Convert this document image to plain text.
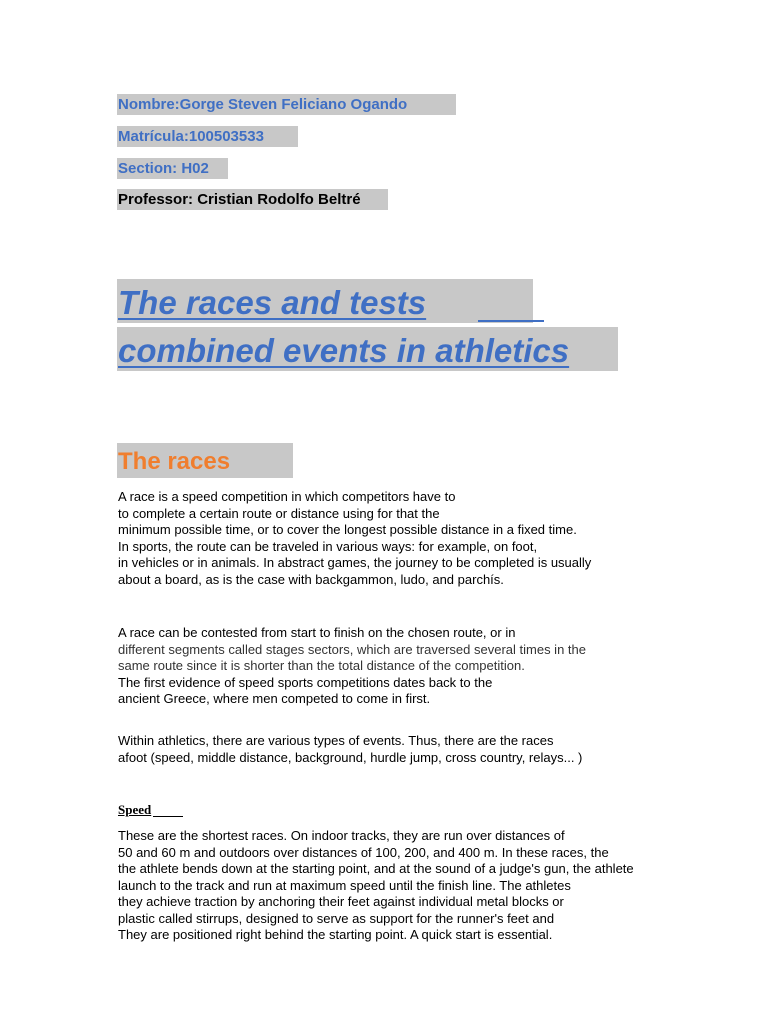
Nombre:Gorge Steven Feliciano Ogando
Matrícula:100503533
Section: H02
Professor: Cristian Rodolfo Beltré
The races and tests
combined events in athletics
The races
A race is a speed competition in which competitors have to
to complete a certain route or distance using for that the
minimum possible time, or to cover the longest possible distance in a fixed time.
In sports, the route can be traveled in various ways: for example, on foot,
in vehicles or in animals. In abstract games, the journey to be completed is usually
about a board, as is the case with backgammon, ludo, and parchís.
A race can be contested from start to finish on the chosen route, or in
different segments called stages sectors, which are traversed several times in the
same route since it is shorter than the total distance of the competition.
The first evidence of speed sports competitions dates back to the
ancient Greece, where men competed to come in first.
Within athletics, there are various types of events. Thus, there are the races
afoot (speed, middle distance, background, hurdle jump, cross country, relays... )
Speed
These are the shortest races. On indoor tracks, they are run over distances of
50 and 60 m and outdoors over distances of 100, 200, and 400 m. In these races, the
the athlete bends down at the starting point, and at the sound of a judge's gun, the athlete
launch to the track and run at maximum speed until the finish line. The athletes
they achieve traction by anchoring their feet against individual metal blocks or
plastic called stirrups, designed to serve as support for the runner's feet and
They are positioned right behind the starting point. A quick start is essential.
